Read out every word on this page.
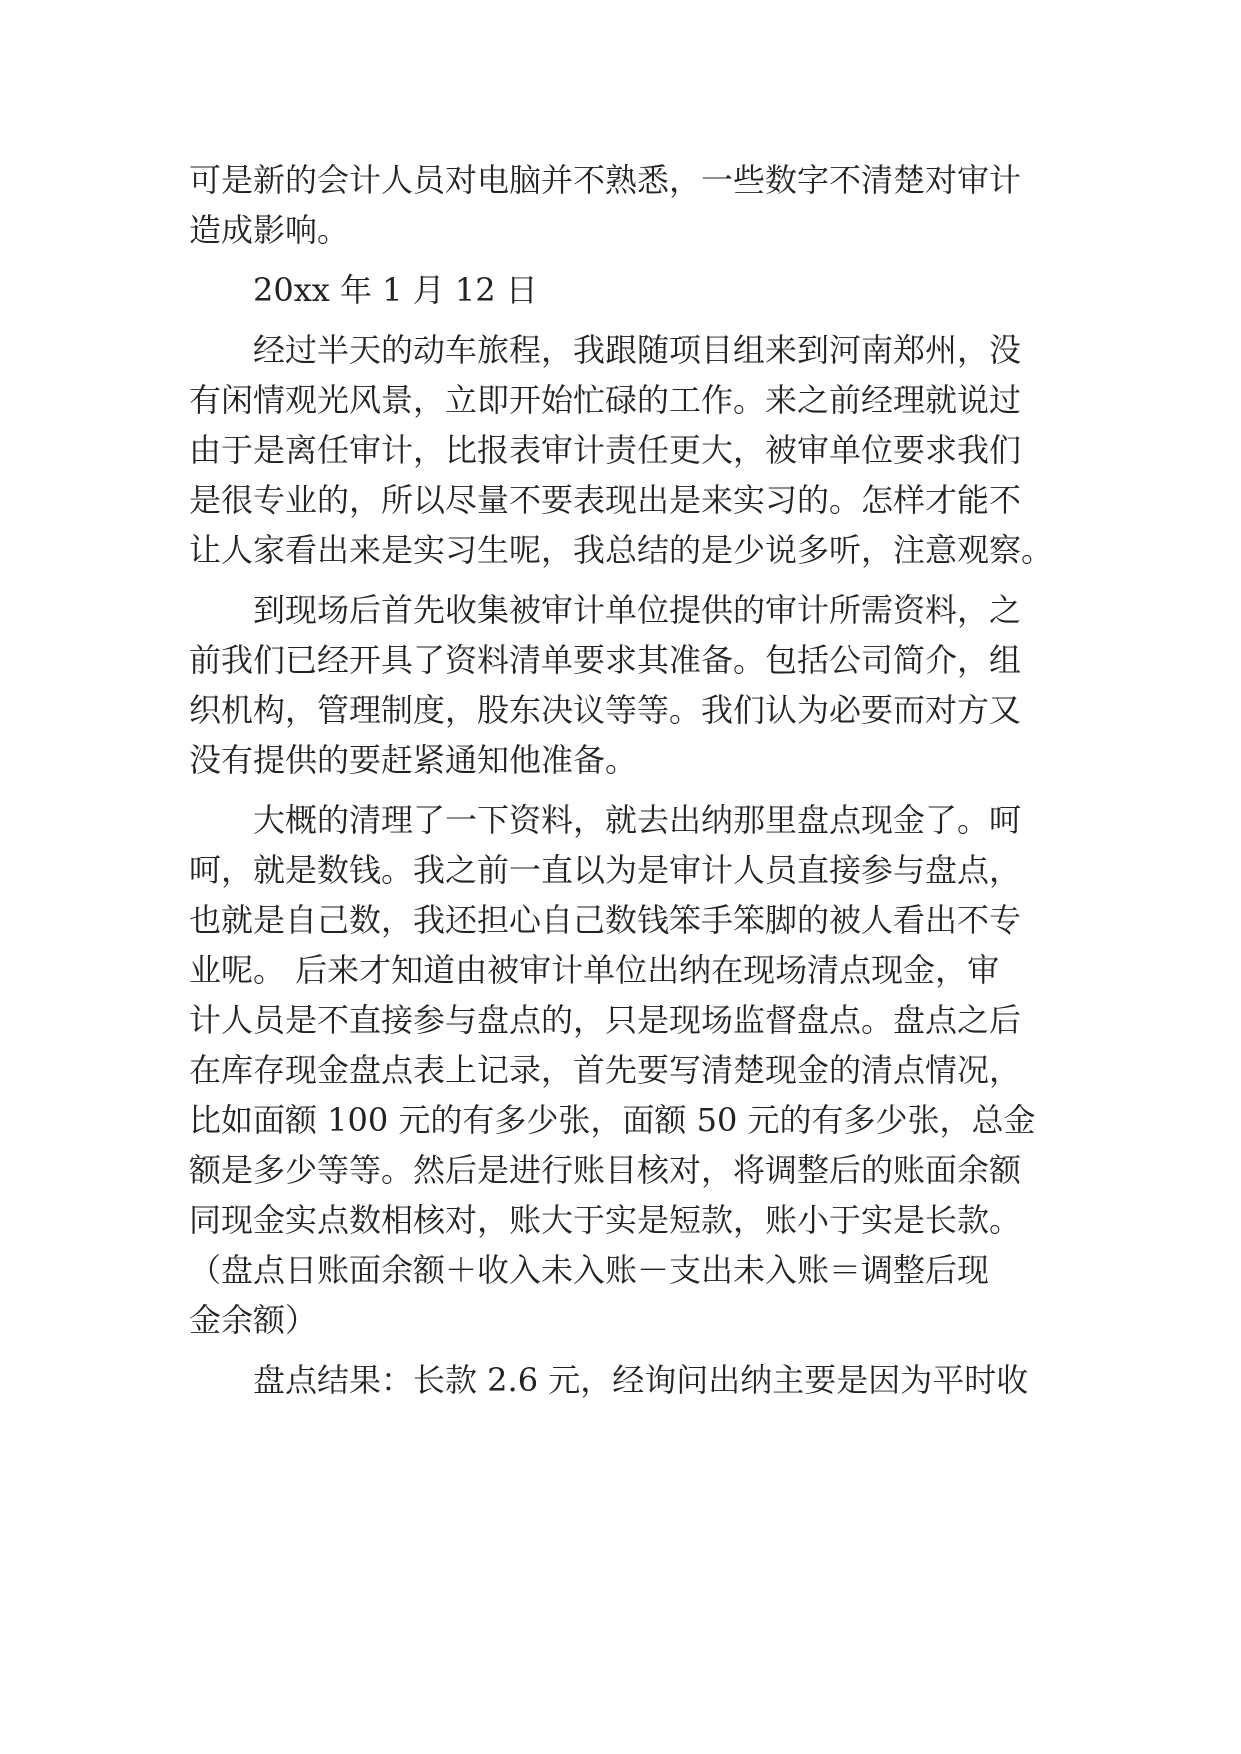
可是新的会计人员对电脑并不熟悉，一些数字不清楚对审计
造成影响。
20xx 年 1 月 12 日
经过半天的动车旅程，我跟随项目组来到河南郑州，没
有闲情观光风景，立即开始忙碌的工作。来之前经理就说过
由于是离任审计，比报表审计责任更大，被审单位要求我们
是很专业的，所以尽量不要表现出是来实习的。怎样才能不
让人家看出来是实习生呢，我总结的是少说多听，注意观察。
到现场后首先收集被审计单位提供的审计所需资料，之
前我们已经开具了资料清单要求其准备。包括公司简介，组
织机构，管理制度，股东决议等等。我们认为必要而对方又
没有提供的要赶紧通知他准备。
大概的清理了一下资料，就去出纳那里盘点现金了。呵
呵，就是数钱。我之前一直以为是审计人员直接参与盘点，
也就是自己数，我还担心自己数钱笨手笨脚的被人看出不专
业呢。 后来才知道由被审计单位出纳在现场清点现金，审
计人员是不直接参与盘点的，只是现场监督盘点。盘点之后
在库存现金盘点表上记录，首先要写清楚现金的清点情况，
比如面额 100 元的有多少张，面额 50 元的有多少张，总金
额是多少等等。然后是进行账目核对，将调整后的账面余额
同现金实点数相核对，账大于实是短款，账小于实是长款。
（盘点日账面余额＋收入未入账－支出未入账＝调整后现
金余额）
盘点结果：长款 2.6 元，经询问出纳主要是因为平时收
